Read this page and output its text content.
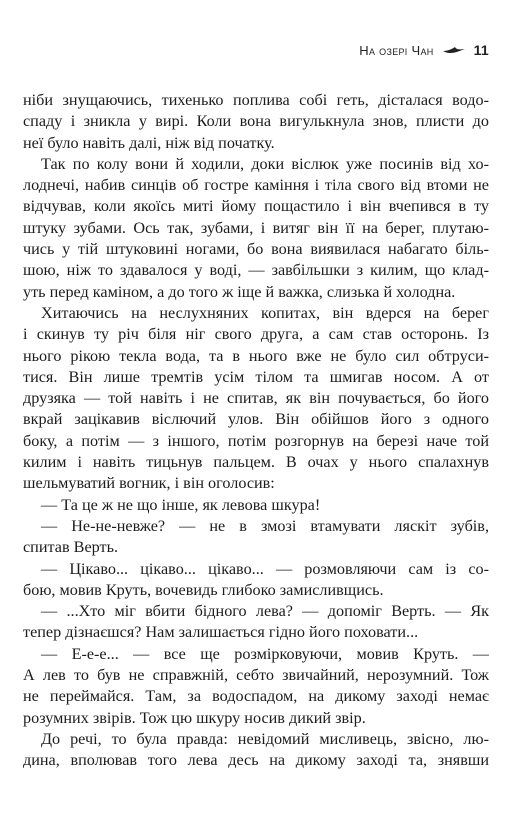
На озері Чан	11
ніби знущаючись, тихенько поплива собі геть, дісталася водо-
спаду і зникла у вирі. Коли вона вигулькнула знов, плисти до
неї було навіть далі, ніж від початку.
Так по колу вони й ходили, доки віслюк уже посинів від хо-
лоднечі, набив синців об гостре каміння і тіла свого від втоми не
відчував, коли якоїсь миті йому пощастило і він вчепився в ту
штуку зубами. Ось так, зубами, і витяг він її на берег, плутаю-
чись у тій штуковині ногами, бо вона виявилася набагато біль-
шою, ніж то здавалося у воді, — завбільшки з килим, що клад-
уть перед каміном, а до того ж іще й важка, слизька й холодна.
Хитаючись на неслухняних копитах, він вдерся на берег
і скинув ту річ біля ніг свого друга, а сам став осторонь. Із
нього рікою текла вода, та в нього вже не було сил обтруси-
тися. Він лише тремтів усім тілом та шмигав носом. А от
друзяка — той навіть і не спитав, як він почувається, бо його
вкрай зацікавив віслючий улов. Він обійшов його з одного
боку, а потім — з іншого, потім розгорнув на березі наче той
килим і навіть тицьнув пальцем. В очах у нього спалахнув
шельмуватий вогник, і він оголосив:
— Та це ж не що інше, як левова шкура!
— Не-не-невже? — не в змозі втамувати ляскіт зубів,
спитав Верть.
— Цікаво... цікаво... цікаво... — розмовляючи сам із со-
бою, мовив Круть, вочевидь глибоко замисливщись.
— ...Хто міг вбити бідного лева? — допоміг Верть. — Як
тепер дізнаєшся? Нам залишається гідно його поховати...
— Е-е-е... — все ще розмірковуючи, мовив Круть. —
А лев то був не справжній, себто звичайний, нерозумний. Тож
не переймайся. Там, за водоспадом, на дикому заході немає
розумних звірів. Тож цю шкуру носив дикий звір.
До речі, то була правда: невідомий мисливець, звісно, лю-
дина, вполював того лева десь на дикому заході та, знявши
